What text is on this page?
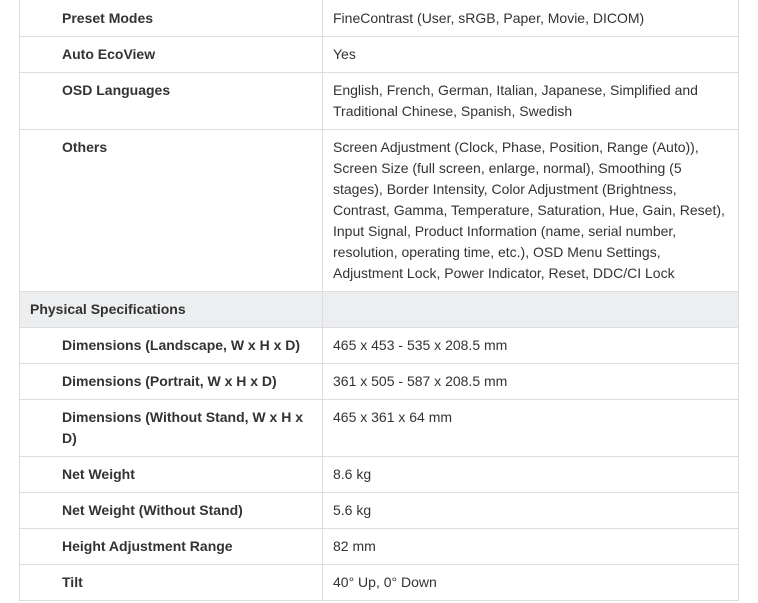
Preset Modes	FineContrast (User, sRGB, Paper, Movie, DICOM)
Auto EcoView	Yes
OSD Languages	English, French, German, Italian, Japanese, Simplified and Traditional Chinese, Spanish, Swedish
Others	Screen Adjustment (Clock, Phase, Position, Range (Auto)), Screen Size (full screen, enlarge, normal), Smoothing (5 stages), Border Intensity, Color Adjustment (Brightness, Contrast, Gamma, Temperature, Saturation, Hue, Gain, Reset), Input Signal, Product Information (name, serial number, resolution, operating time, etc.), OSD Menu Settings, Adjustment Lock, Power Indicator, Reset, DDC/CI Lock
Physical Specifications	
Dimensions (Landscape, W x H x D)	465 x 453 - 535 x 208.5 mm
Dimensions (Portrait, W x H x D)	361 x 505 - 587 x 208.5 mm
Dimensions (Without Stand, W x H x D)	465 x 361 x 64 mm
Net Weight	8.6 kg
Net Weight (Without Stand)	5.6 kg
Height Adjustment Range	82 mm
Tilt	40° Up, 0° Down
